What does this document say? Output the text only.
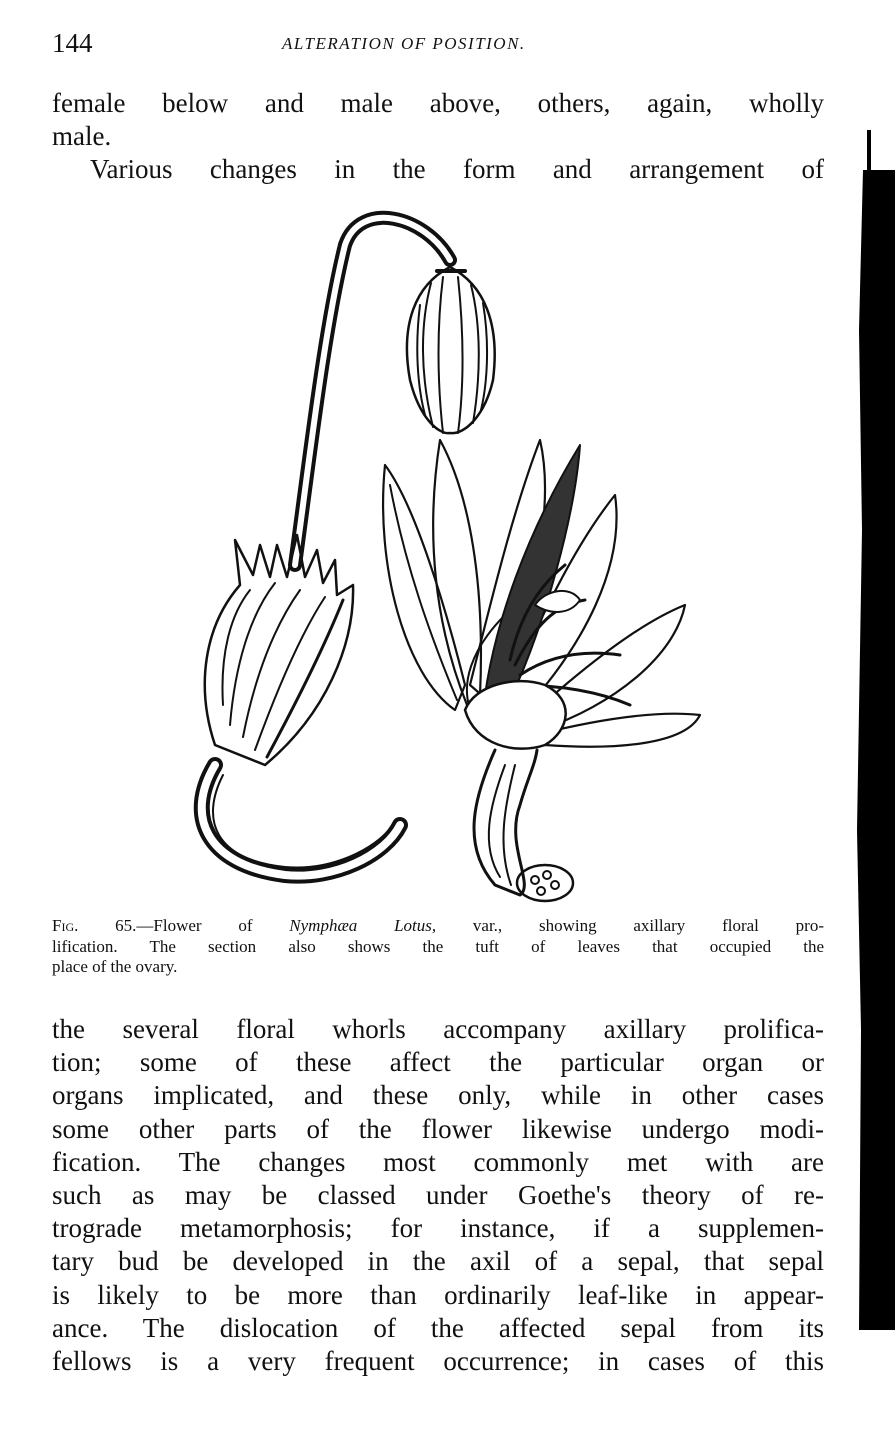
144	ALTERATION OF POSITION.

female below and male above, others, again, wholly
male.
Various changes in the form and arrangement of

Fig. 65.—Flower of Nymphæa Lotus, var., showing axillary floral pro-
lification. The section also shows the tuft of leaves that occupied the
place of the ovary.

the several floral whorls accompany axillary prolifica-
tion; some of these affect the particular organ or
organs implicated, and these only, while in other cases
some other parts of the flower likewise undergo modi-
fication. The changes most commonly met with are
such as may be classed under Goethe's theory of re-
trograde metamorphosis; for instance, if a supplemen-
tary bud be developed in the axil of a sepal, that sepal
is likely to be more than ordinarily leaf-like in appear-
ance. The dislocation of the affected sepal from its
fellows is a very frequent occurrence; in cases of this
